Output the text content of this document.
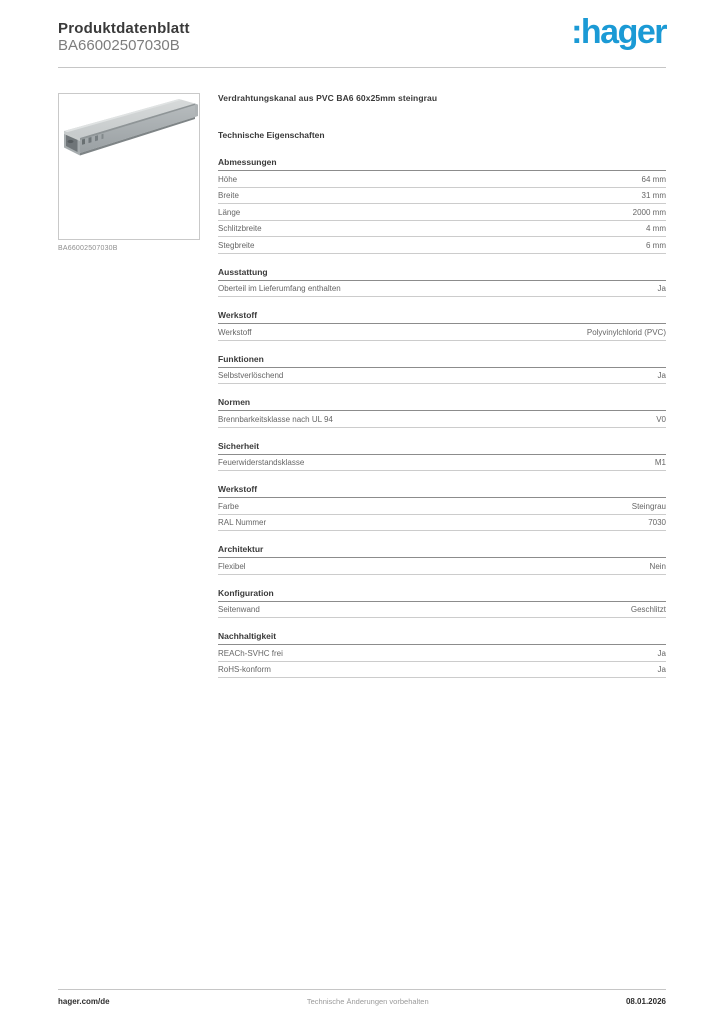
Produktdatenblatt
BA66002507030B	:hager
BA66002507030B
Verdrahtungskanal aus PVC BA6 60x25mm steingrau
Technische Eigenschaften
Abmessungen
Höhe	64 mm
Breite	31 mm
Länge	2000 mm
Schlitzbreite	4 mm
Stegbreite	6 mm
Ausstattung
Oberteil im Lieferumfang enthalten	Ja
Werkstoff
Werkstoff	Polyvinylchlorid (PVC)
Funktionen
Selbstverlöschend	Ja
Normen
Brennbarkeitsklasse nach UL 94	V0
Sicherheit
Feuerwiderstandsklasse	M1
Werkstoff
Farbe	Steingrau
RAL Nummer	7030
Architektur
Flexibel	Nein
Konfiguration
Seitenwand	Geschlitzt
Nachhaltigkeit
REACh-SVHC frei	Ja
RoHS-konform	Ja
hager.com/de	Technische Änderungen vorbehalten	08.01.2026
